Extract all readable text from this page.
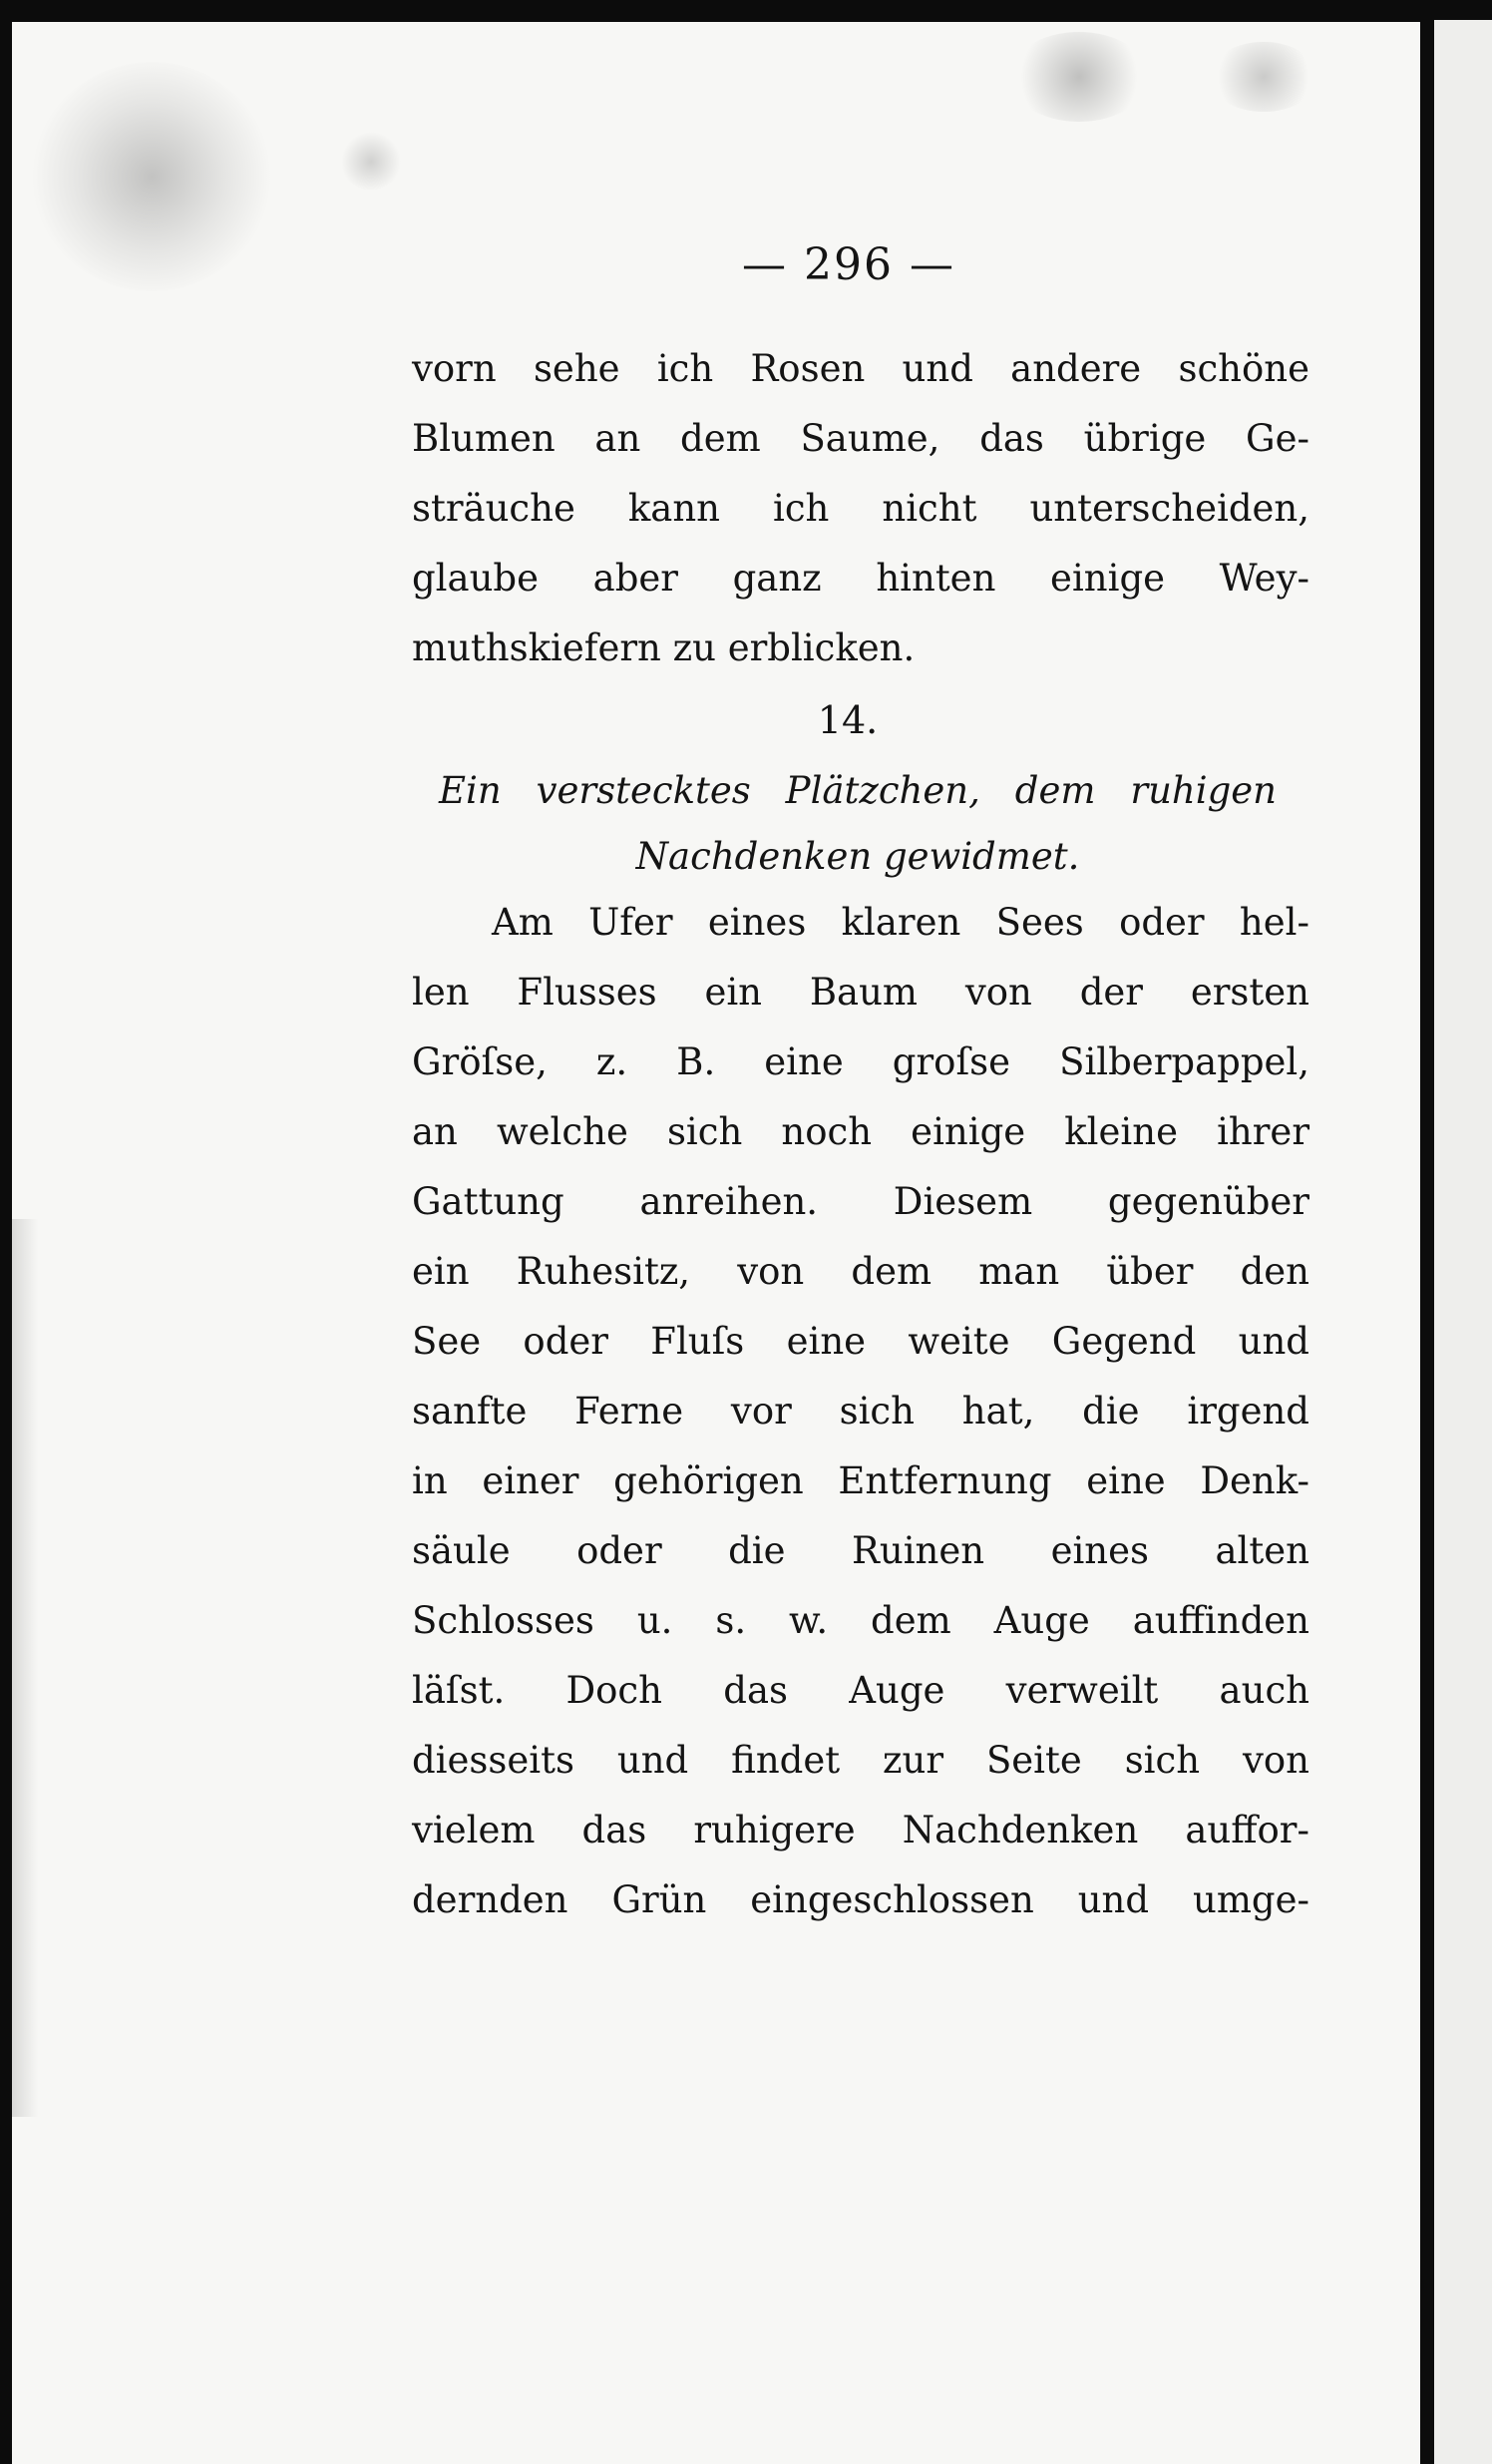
— 296 —

vorn sehe ich Rosen und andere schöne

Blumen an dem Saume, das übrige Ge-

sträuche kann ich nicht unterscheiden,

glaube aber ganz hinten einige Wey-

muthskiefern zu erblicken.

14.

Ein verstecktes Plätzchen, dem ruhigen

Nachdenken gewidmet.

Am Ufer eines klaren Sees oder hel-

len Flusses ein Baum von der ersten

Gröſse, z. B. eine groſse Silberpappel,

an welche sich noch einige kleine ihrer

Gattung anreihen. Diesem gegenüber

ein Ruhesitz, von dem man über den

See oder Fluſs eine weite Gegend und

sanfte Ferne vor sich hat, die irgend

in einer gehörigen Entfernung eine Denk-

säule oder die Ruinen eines alten

Schlosses u. s. w. dem Auge auffinden

läſst. Doch das Auge verweilt auch

diesseits und findet zur Seite sich von

vielem das ruhigere Nachdenken auffor-

dernden Grün eingeschlossen und umge-
